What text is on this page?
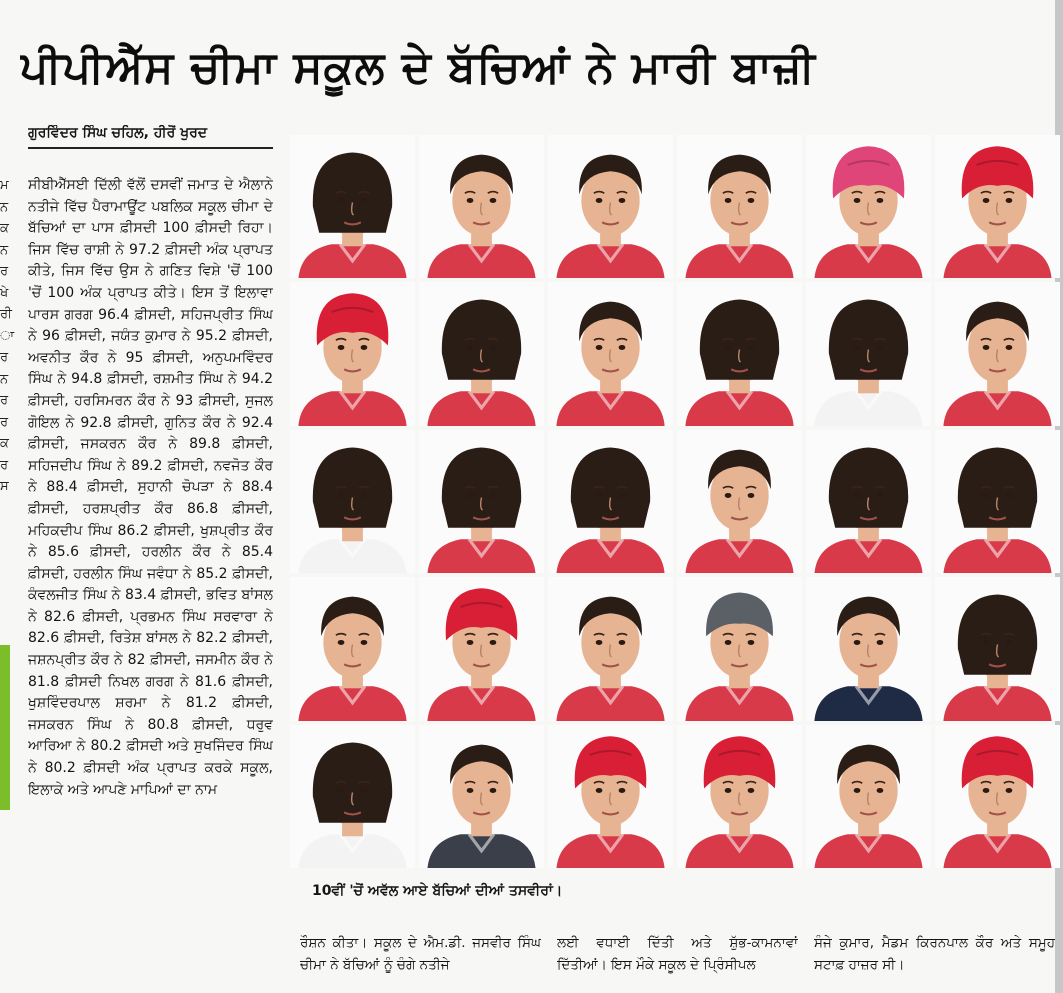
ਮ
ਨ
ਕ
ਨ
ਰ
ਖੇ
ਰੀ
ਾ
ਰ
ਨ
ਰ
ਰ
ਕ
ਰ
ਸ
ਪੀਪੀਐੱਸ ਚੀਮਾ ਸਕੂਲ ਦੇ ਬੱਚਿਆਂ ਨੇ ਮਾਰੀ ਬਾਜ਼ੀ
ਗੁਰਵਿੰਦਰ ਸਿੰਘ ਚਹਿਲ, ਹੀਰੋਂ ਖੁਰਦ
ਸੀਬੀਐੱਸਈ ਦਿੱਲੀ ਵੱਲੋਂ ਦਸਵੀਂ ਜਮਾਤ ਦੇ ਐਲਾਨੇ ਨਤੀਜੇ ਵਿੱਚ ਪੈਰਾਮਾਊਂਟ ਪਬਲਿਕ ਸਕੂਲ ਚੀਮਾ ਦੇ ਬੱਚਿਆਂ ਦਾ ਪਾਸ ਫ਼ੀਸਦੀ 100 ਫ਼ੀਸਦੀ ਰਿਹਾ। ਜਿਸ ਵਿੱਚ ਰਾਸ਼ੀ ਨੇ 97.2 ਫ਼ੀਸਦੀ ਅੰਕ ਪ੍ਰਾਪਤ ਕੀਤੇ, ਜਿਸ ਵਿੱਚ ਉਸ ਨੇ ਗਣਿਤ ਵਿਸ਼ੇ 'ਚੋਂ 100 'ਚੋਂ 100 ਅੰਕ ਪ੍ਰਾਪਤ ਕੀਤੇ। ਇਸ ਤੋਂ ਇਲਾਵਾ ਪਾਰਸ ਗਰਗ 96.4 ਫ਼ੀਸਦੀ, ਸਹਿਜਪ੍ਰੀਤ ਸਿੰਘ ਨੇ 96 ਫ਼ੀਸਦੀ, ਜਯੰਤ ਕੁਮਾਰ ਨੇ 95.2 ਫ਼ੀਸਦੀ, ਅਵਨੀਤ ਕੌਰ ਨੇ 95 ਫ਼ੀਸਦੀ, ਅਨੁਪਮਵਿੰਦਰ ਸਿੰਘ ਨੇ 94.8 ਫ਼ੀਸਦੀ, ਰਸ਼ਮੀਤ ਸਿੰਘ ਨੇ 94.2 ਫ਼ੀਸਦੀ, ਹਰਸਿਮਰਨ ਕੌਰ ਨੇ 93 ਫ਼ੀਸਦੀ, ਸੁਜਲ ਗੋਇਲ ਨੇ 92.8 ਫ਼ੀਸਦੀ, ਗੁਨਿਤ ਕੌਰ ਨੇ 92.4 ਫ਼ੀਸਦੀ, ਜਸਕਰਨ ਕੌਰ ਨੇ 89.8 ਫ਼ੀਸਦੀ, ਸਹਿਜਦੀਪ ਸਿੰਘ ਨੇ 89.2 ਫ਼ੀਸਦੀ, ਨਵਜੋਤ ਕੌਰ ਨੇ 88.4 ਫ਼ੀਸਦੀ, ਸੁਹਾਨੀ ਚੋਪੜਾ ਨੇ 88.4 ਫ਼ੀਸਦੀ, ਹਰਸ਼ਪ੍ਰੀਤ ਕੌਰ 86.8 ਫ਼ੀਸਦੀ, ਮਹਿਕਦੀਪ ਸਿੰਘ 86.2 ਫ਼ੀਸਦੀ, ਖੁਸ਼ਪ੍ਰੀਤ ਕੌਰ ਨੇ 85.6 ਫ਼ੀਸਦੀ, ਹਰਲੀਨ ਕੌਰ ਨੇ 85.4 ਫ਼ੀਸਦੀ, ਹਰਲੀਨ ਸਿੰਘ ਜਵੰਧਾ ਨੇ 85.2 ਫ਼ੀਸਦੀ, ਕੰਵਲਜੀਤ ਸਿੰਘ ਨੇ 83.4 ਫ਼ੀਸਦੀ, ਭਵਿਤ ਬਾਂਸਲ ਨੇ 82.6 ਫ਼ੀਸਦੀ, ਪ੍ਰਭਮਨ ਸਿੰਘ ਸਰਵਾਰਾ ਨੇ 82.6 ਫ਼ੀਸਦੀ, ਰਿਤੇਸ਼ ਬਾਂਸਲ ਨੇ 82.2 ਫ਼ੀਸਦੀ, ਜਸ਼ਨਪ੍ਰੀਤ ਕੌਰ ਨੇ 82 ਫ਼ੀਸਦੀ, ਜਸਮੀਨ ਕੌਰ ਨੇ 81.8 ਫ਼ੀਸਦੀ ਨਿਖਲ ਗਰਗ ਨੇ 81.6 ਫ਼ੀਸਦੀ, ਖੁਸ਼ਵਿੰਦਰਪਾਲ ਸ਼ਰਮਾ ਨੇ 81.2 ਫ਼ੀਸਦੀ, ਜਸਕਰਨ ਸਿੰਘ ਨੇ 80.8 ਫ਼ੀਸਦੀ, ਧਰੁਵ ਆਰਿਆ ਨੇ 80.2 ਫ਼ੀਸਦੀ ਅਤੇ ਸੁਖਜਿੰਦਰ ਸਿੰਘ ਨੇ 80.2 ਫ਼ੀਸਦੀ ਅੰਕ ਪ੍ਰਾਪਤ ਕਰਕੇ ਸਕੂਲ, ਇਲਾਕੇ ਅਤੇ ਆਪਣੇ ਮਾਪਿਆਂ ਦਾ ਨਾਮ
10ਵੀਂ 'ਚੋਂ ਅਵੱਲ ਆਏ ਬੱਚਿਆਂ ਦੀਆਂ ਤਸਵੀਰਾਂ।
ਰੌਸ਼ਨ ਕੀਤਾ। ਸਕੂਲ ਦੇ ਐਮ.ਡੀ. ਜਸਵੀਰ ਸਿੰਘ ਚੀਮਾ ਨੇ ਬੱਚਿਆਂ ਨੂੰ ਚੰਗੇ ਨਤੀਜੇ
ਲਈ ਵਧਾਈ ਦਿੱਤੀ ਅਤੇ ਸ਼ੁੱਭ-ਕਾਮਨਾਵਾਂ ਦਿੱਤੀਆਂ। ਇਸ ਮੌਕੇ ਸਕੂਲ ਦੇ ਪ੍ਰਿੰਸੀਪਲ
ਸੰਜੇ ਕੁਮਾਰ, ਮੈਡਮ ਕਿਰਨਪਾਲ ਕੌਰ ਅਤੇ ਸਮੂਹ ਸਟਾਫ਼ ਹਾਜ਼ਰ ਸੀ।
